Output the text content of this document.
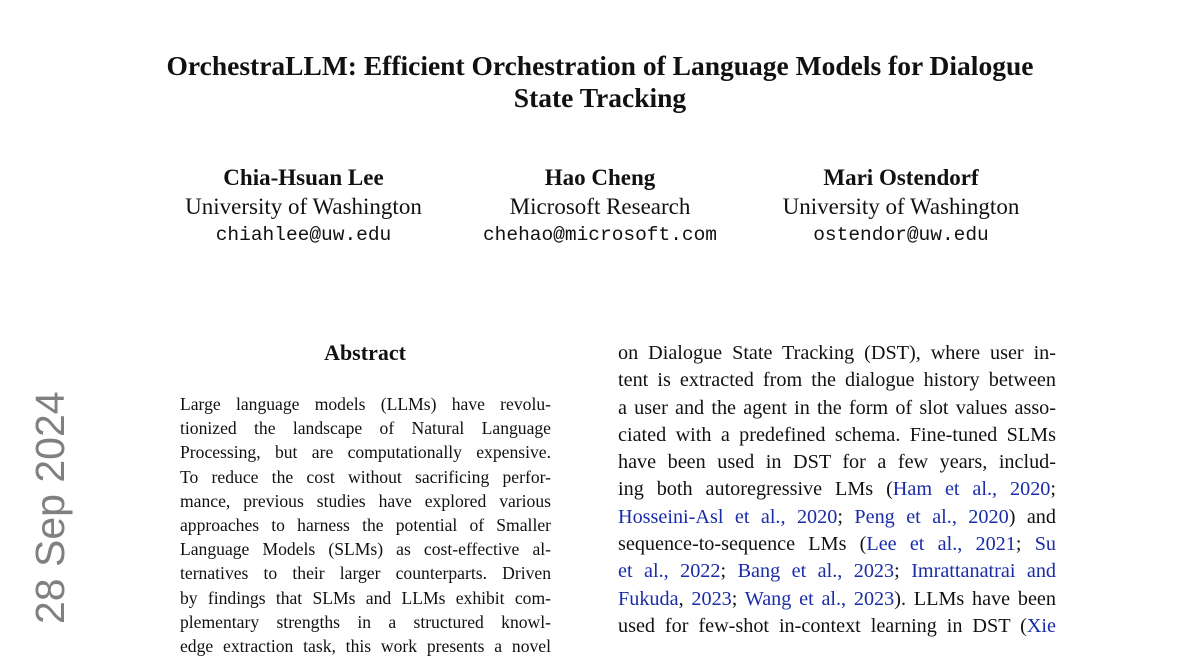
OrchestraLLM: Efficient Orchestration of Language Models for Dialogue
State Tracking
Chia-Hsuan Lee
University of Washington
chiahlee@uw.edu
Hao Cheng
Microsoft Research
chehao@microsoft.com
Mari Ostendorf
University of Washington
ostendor@uw.edu
Abstract
Large language models (LLMs) have revolu-
tionized the landscape of Natural Language
Processing, but are computationally expensive.
To reduce the cost without sacrificing perfor-
mance, previous studies have explored various
approaches to harness the potential of Smaller
Language Models (SLMs) as cost-effective al-
ternatives to their larger counterparts. Driven
by findings that SLMs and LLMs exhibit com-
plementary strengths in a structured knowl-
edge extraction task, this work presents a novel
on Dialogue State Tracking (DST), where user in-
tent is extracted from the dialogue history between
a user and the agent in the form of slot values asso-
ciated with a predefined schema. Fine-tuned SLMs
have been used in DST for a few years, includ-
ing both autoregressive LMs (Ham et al., 2020;
Hosseini-Asl et al., 2020; Peng et al., 2020) and
sequence-to-sequence LMs (Lee et al., 2021; Su
et al., 2022; Bang et al., 2023; Imrattanatrai and
Fukuda, 2023; Wang et al., 2023). LLMs have been
used for few-shot in-context learning in DST (Xie
28 Sep 2024
